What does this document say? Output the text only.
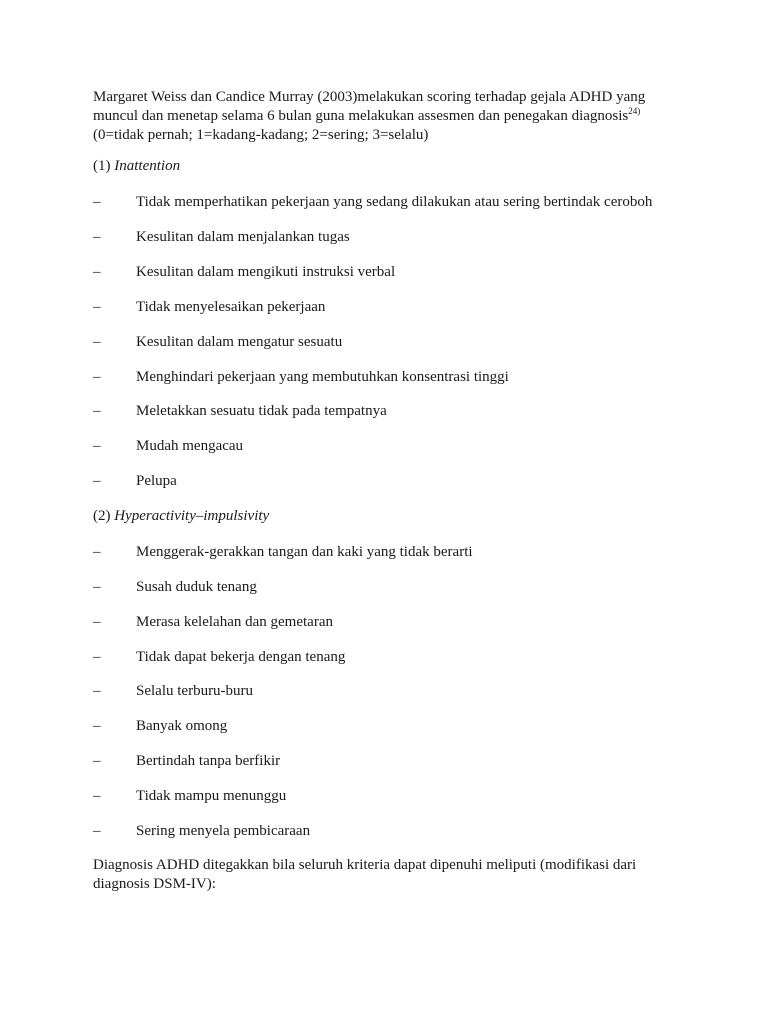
Margaret Weiss dan Candice Murray (2003)melakukan scoring terhadap gejala ADHD yang
muncul dan menetap selama 6 bulan guna melakukan assesmen dan penegakan diagnosis$^{24)}$
(0=tidak pernah; 1=kadang-kadang; 2=sering; 3=selalu)

(1) Inattention

– Tidak memperhatikan pekerjaan yang sedang dilakukan atau sering bertindak ceroboh
– Kesulitan dalam menjalankan tugas
– Kesulitan dalam mengikuti instruksi verbal
– Tidak menyelesaikan pekerjaan
– Kesulitan dalam mengatur sesuatu
– Menghindari pekerjaan yang membutuhkan konsentrasi tinggi
– Meletakkan sesuatu tidak pada tempatnya
– Mudah mengacau
– Pelupa

(2) Hyperactivity–impulsivity

– Menggerak-gerakkan tangan dan kaki yang tidak berarti
– Susah duduk tenang
– Merasa kelelahan dan gemetaran
– Tidak dapat bekerja dengan tenang
– Selalu terburu-buru
– Banyak omong
– Bertindah tanpa berfikir
– Tidak mampu menunggu
– Sering menyela pembicaraan

Diagnosis ADHD ditegakkan bila seluruh kriteria dapat dipenuhi meliputi (modifikasi dari
diagnosis DSM-IV):
